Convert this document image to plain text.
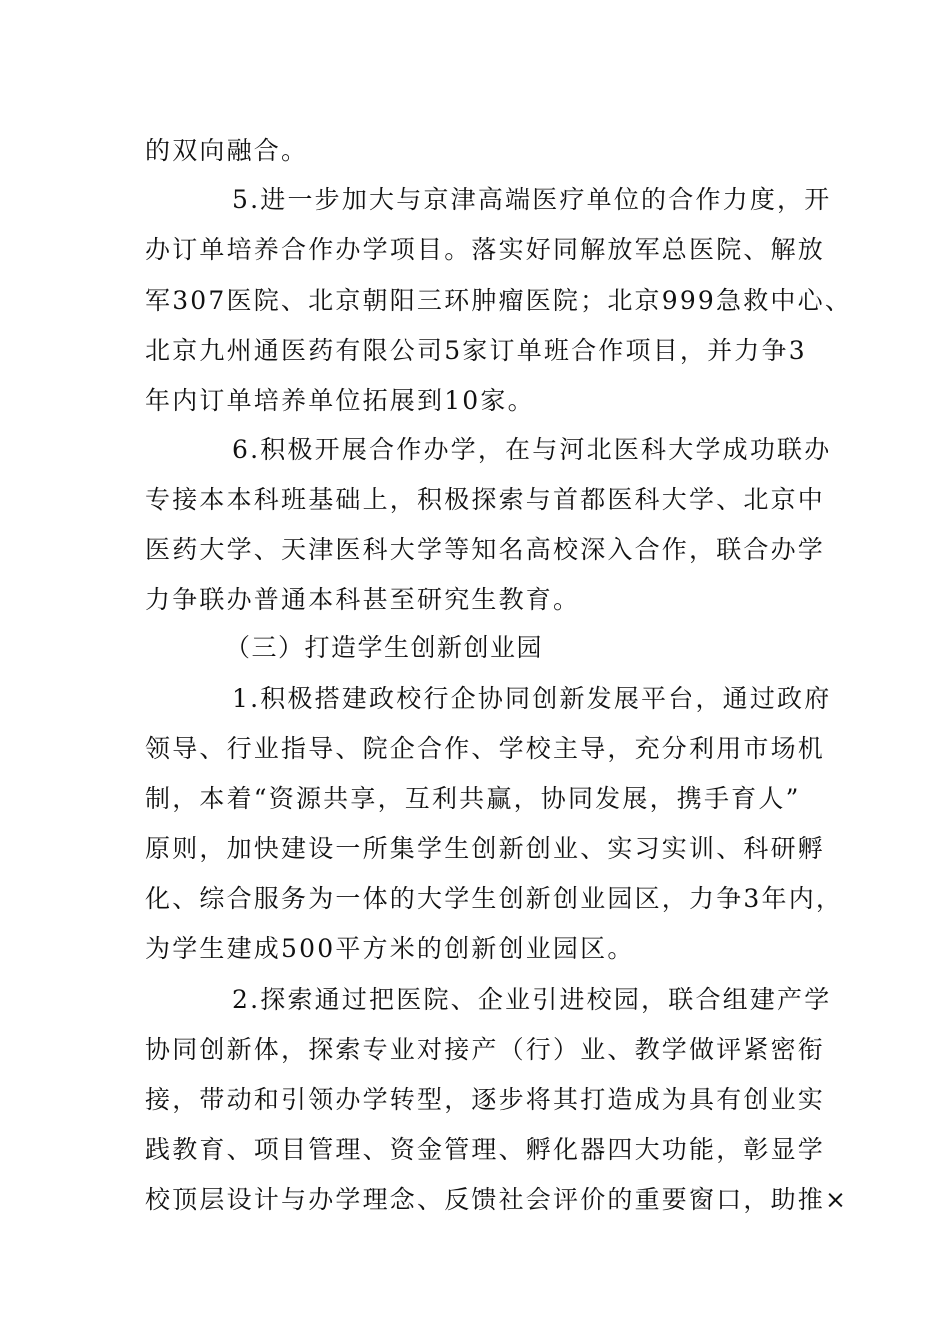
的双向融合。

5.进一步加大与京津高端医疗单位的合作力度，开

办订单培养合作办学项目。落实好同解放军总医院、解放

军307医院、北京朝阳三环肿瘤医院；北京999急救中心、

北京九州通医药有限公司5家订单班合作项目，并力争3

年内订单培养单位拓展到10家。

6.积极开展合作办学，在与河北医科大学成功联办

专接本本科班基础上，积极探索与首都医科大学、北京中

医药大学、天津医科大学等知名高校深入合作，联合办学

力争联办普通本科甚至研究生教育。

（三）打造学生创新创业园

1.积极搭建政校行企协同创新发展平台，通过政府

领导、行业指导、院企合作、学校主导，充分利用市场机

制，本着“资源共享，互利共赢，协同发展，携手育人”

原则，加快建设一所集学生创新创业、实习实训、科研孵

化、综合服务为一体的大学生创新创业园区，力争3年内，

为学生建成500平方米的创新创业园区。

2.探索通过把医院、企业引进校园，联合组建产学

协同创新体，探索专业对接产（行）业、教学做评紧密衔

接，带动和引领办学转型，逐步将其打造成为具有创业实

践教育、项目管理、资金管理、孵化器四大功能，彰显学

校顶层设计与办学理念、反馈社会评价的重要窗口，助推×
